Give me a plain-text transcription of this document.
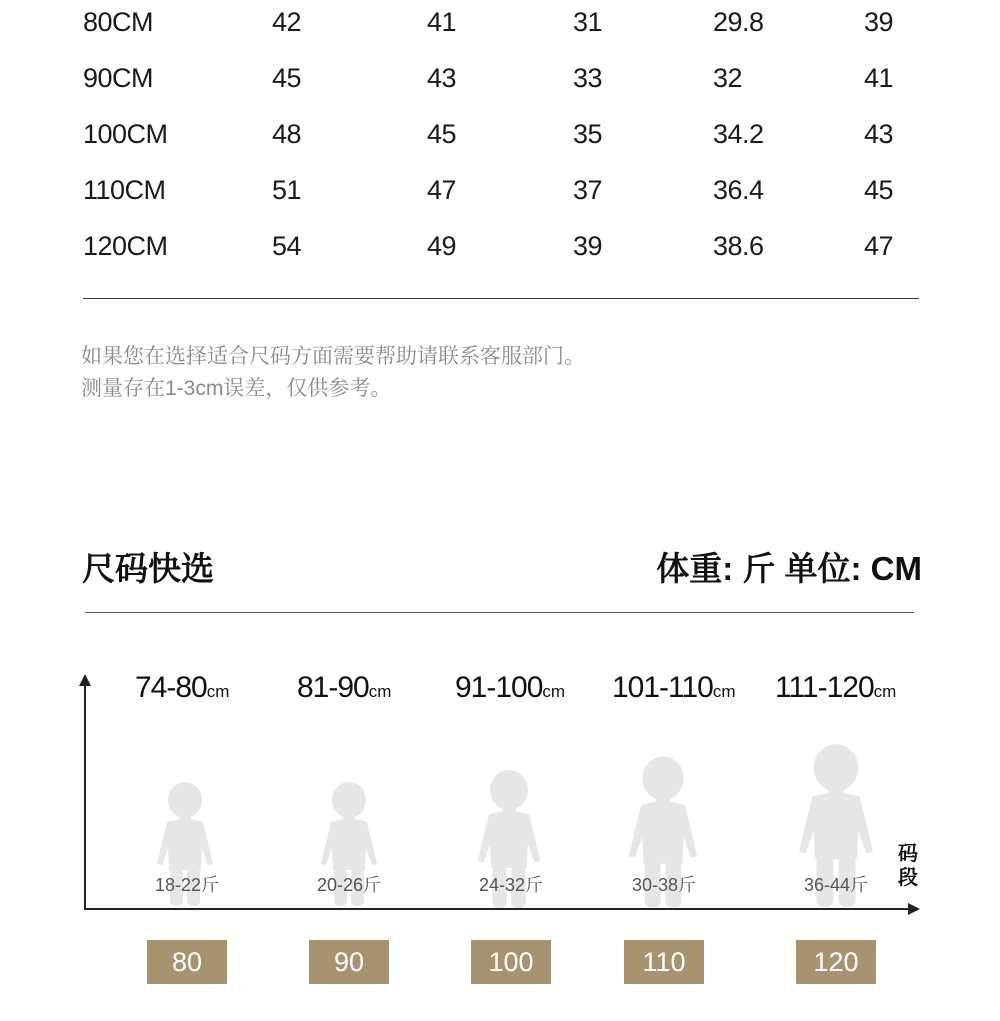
80CM	42	41	31	29.8	39
90CM	45	43	33	32	41
100CM	48	45	35	34.2	43
110CM	51	47	37	36.4	45
120CM	54	49	39	38.6	47
如果您在选择适合尺码方面需要帮助请联系客服部门。
测量存在1-3cm误差，仅供参考。
尺码快选	体重: 斤 单位: CM
码段
74-80cm
18-22斤
80
81-90cm
20-26斤
90
91-100cm
24-32斤
100
101-110cm
30-38斤
110
111-120cm
36-44斤
120
